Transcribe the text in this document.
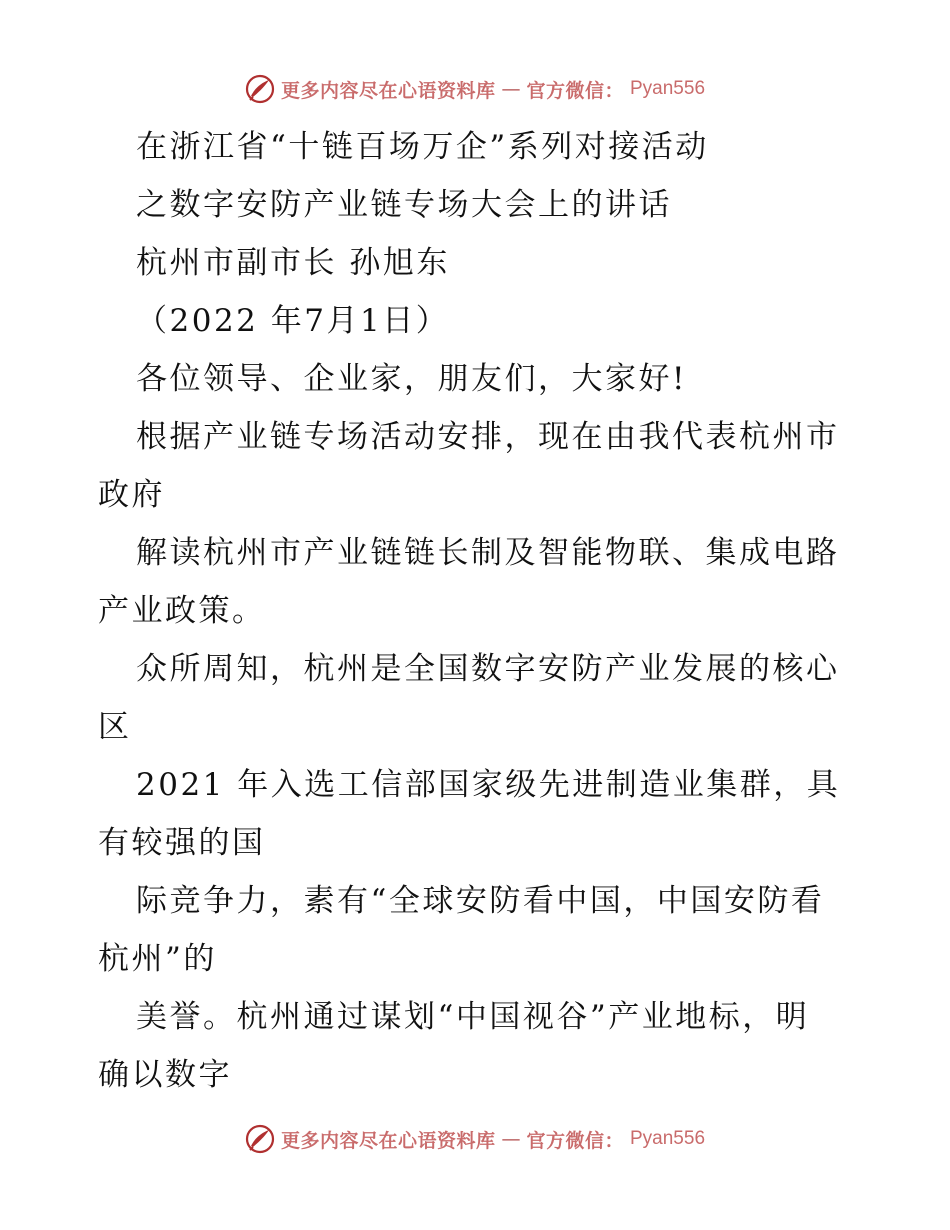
更多内容尽在心语资料库 — 官方微信： Pyan556
在浙江省“十链百场万企”系列对接活动
之数字安防产业链专场大会上的讲话
杭州市副市长 孙旭东
（2022 年7月1日）
各位领导、企业家，朋友们，大家好!
根据产业链专场活动安排，现在由我代表杭州市
政府
解读杭州市产业链链长制及智能物联、集成电路
产业政策。
众所周知，杭州是全国数字安防产业发展的核心
区
2021 年入选工信部国家级先进制造业集群，具
有较强的国
际竞争力，素有“全球安防看中国，中国安防看
杭州”的
美誉。杭州通过谋划“中国视谷”产业地标，明
确以数字
更多内容尽在心语资料库 — 官方微信： Pyan556
